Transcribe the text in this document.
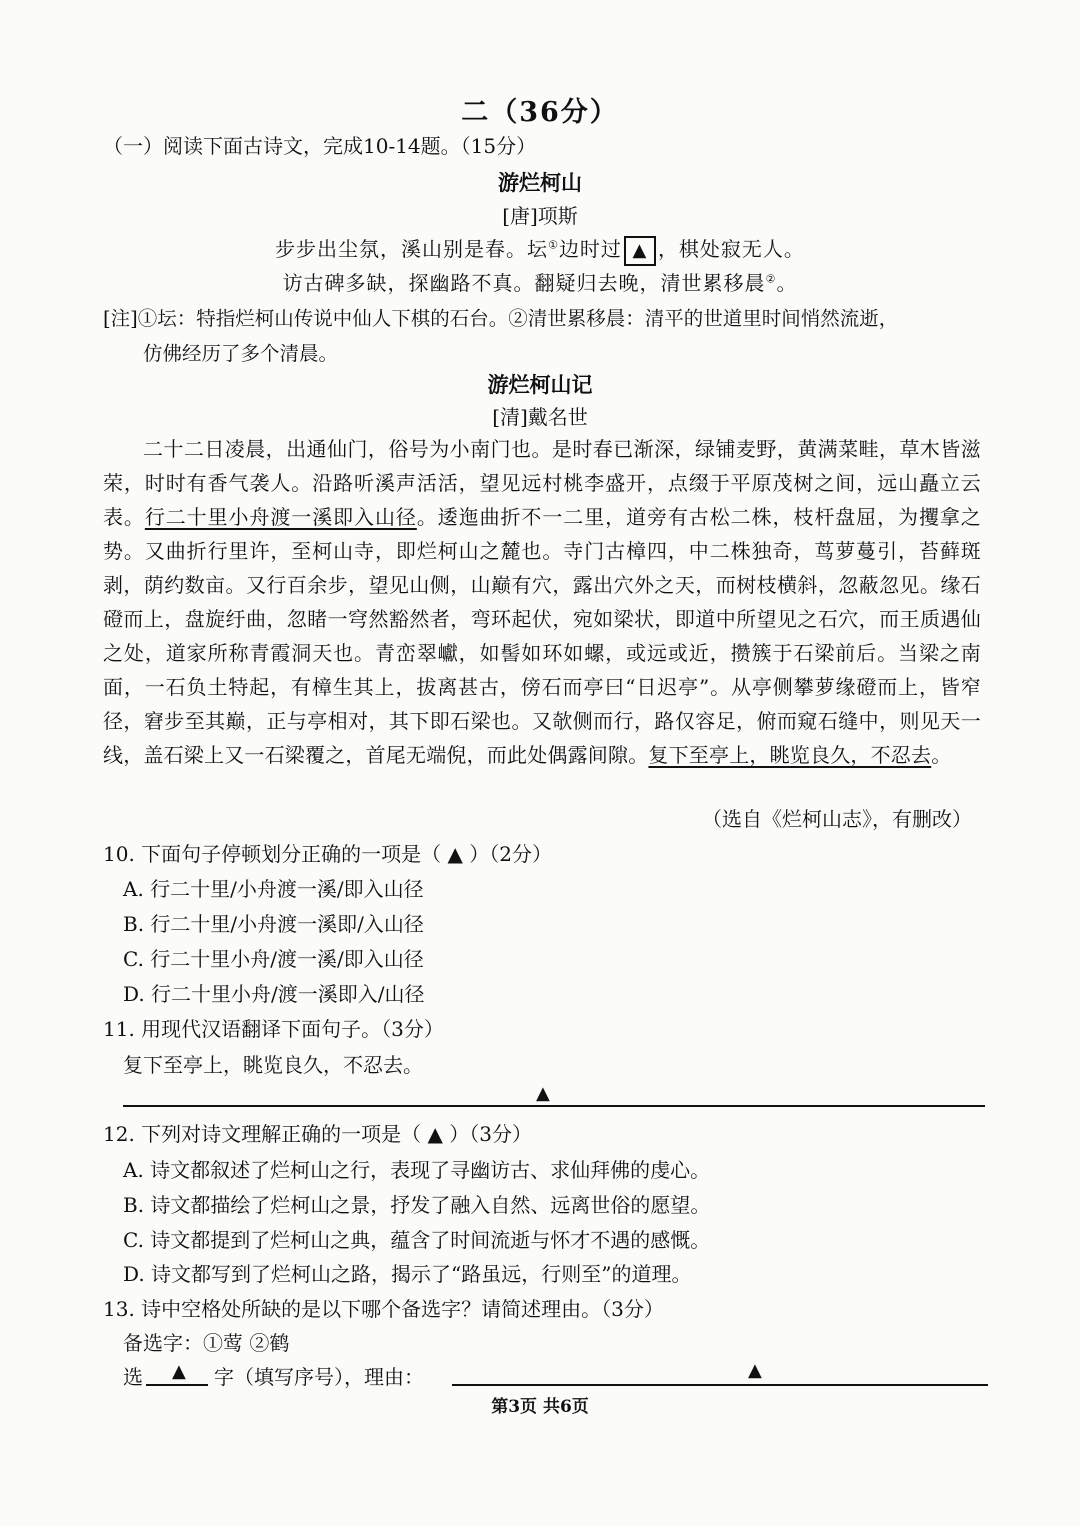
二（36分）
（一）阅读下面古诗文，完成10-14题。（15分）
游烂柯山
[唐]项斯
步步出尘氛，溪山别是春。坛①边时过 ▲ ，棋处寂无人。
访古碑多缺，探幽路不真。翻疑归去晚，清世累移晨②。
[注]①坛：特指烂柯山传说中仙人下棋的石台。②清世累移晨：清平的世道里时间悄然流逝，
仿佛经历了多个清晨。
游烂柯山记
[清]戴名世
二十二日凌晨，出通仙门，俗号为小南门也。是时春已渐深，绿铺麦野，黄满菜畦，草木皆滋荣，时时有香气袭人。沿路听溪声活活，望见远村桃李盛开，点缀于平原茂树之间，远山矗立云表。行二十里小舟渡一溪即入山径。逶迤曲折不一二里，道旁有古松二株，枝杆盘屈，为攫拿之势。又曲折行里许，至柯山寺，即烂柯山之麓也。寺门古樟四，中二株独奇，茑萝蔓引，苔藓斑剥，荫约数亩。又行百余步，望见山侧，山巅有穴，露出穴外之天，而树枝横斜，忽蔽忽见。缘石磴而上，盘旋纡曲，忽睹一穹然豁然者，弯环起伏，宛如梁状，即道中所望见之石穴，而王质遇仙之处，道家所称青霞洞天也。青峦翠巘，如髻如环如螺，或远或近，攒簇于石梁前后。当梁之南面，一石负土特起，有樟生其上，拔离甚古，傍石而亭曰“日迟亭”。从亭侧攀萝缘磴而上，皆窄径，窘步至其巅，正与亭相对，其下即石梁也。又欹侧而行，路仅容足，俯而窥石缝中，则见天一线，盖石梁上又一石梁覆之，首尾无端倪，而此处偶露间隙。复下至亭上，眺览良久，不忍去。
（选自《烂柯山志》，有删改）
10. 下面句子停顿划分正确的一项是（ ▲ ）（2分）
A. 行二十里/小舟渡一溪/即入山径
B. 行二十里/小舟渡一溪即/入山径
C. 行二十里小舟/渡一溪/即入山径
D. 行二十里小舟/渡一溪即入/山径
11. 用现代汉语翻译下面句子。（3分）
复下至亭上，眺览良久，不忍去。
▲
12. 下列对诗文理解正确的一项是（ ▲ ）（3分）
A. 诗文都叙述了烂柯山之行，表现了寻幽访古、求仙拜佛的虔心。
B. 诗文都描绘了烂柯山之景，抒发了融入自然、远离世俗的愿望。
C. 诗文都提到了烂柯山之典，蕴含了时间流逝与怀才不遇的感慨。
D. 诗文都写到了烂柯山之路，揭示了“路虽远，行则至”的道理。
13. 诗中空格处所缺的是以下哪个备选字？请简述理由。（3分）
备选字：①莺 ②鹤
选 ▲ 字（填写序号），理由：	▲
第3页 共6页
